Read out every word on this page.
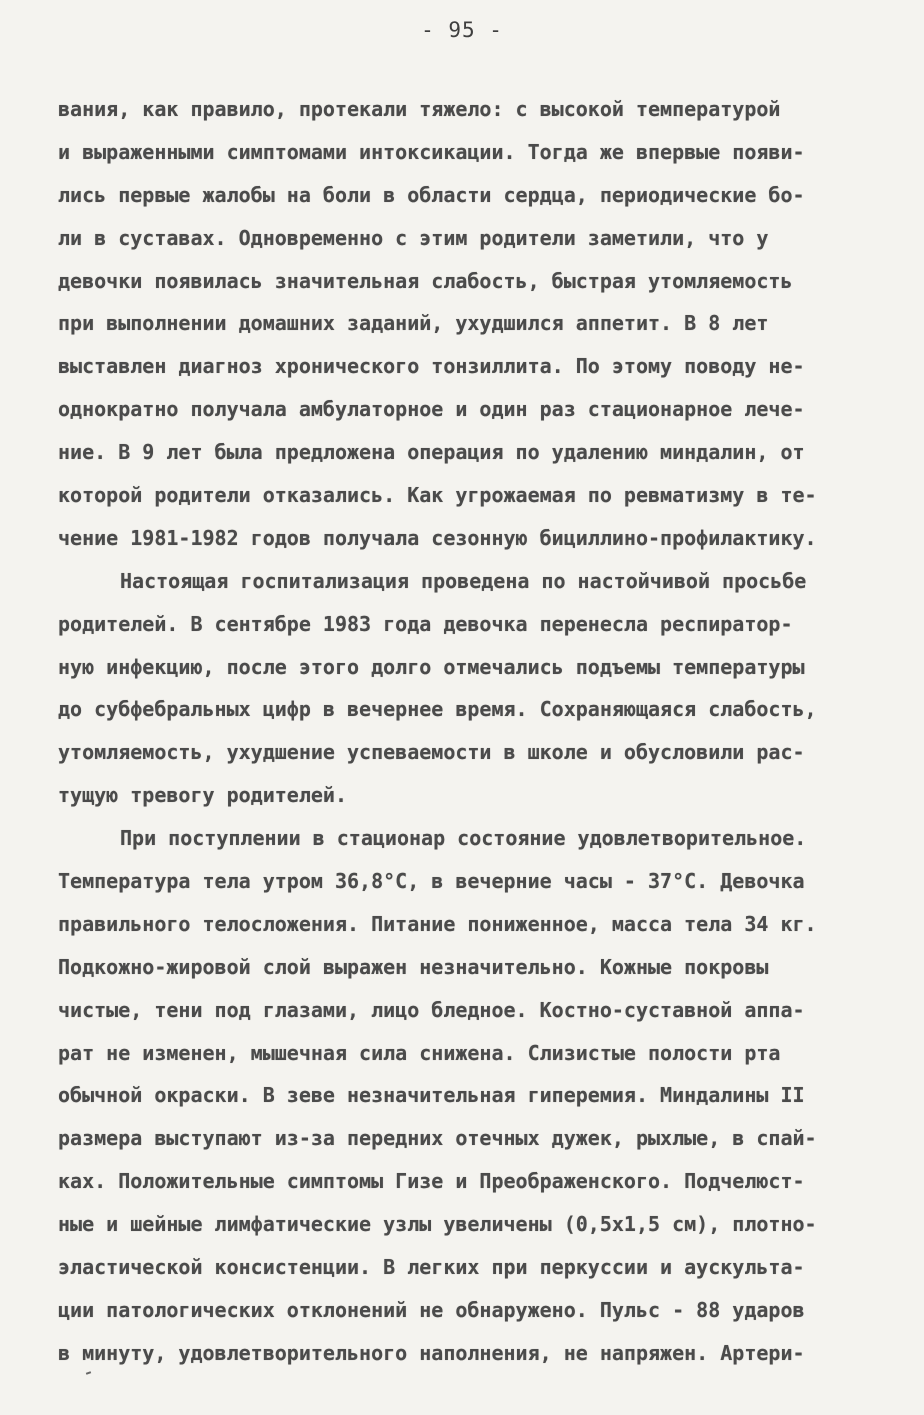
- 95 -
вания, как правило, протекали тяжело: с высокой температурой
и выраженными симптомами интоксикации. Тогда же впервые появи-
лись первые жалобы на боли в области сердца, периодические бо-
ли в суставах. Одновременно с этим родители заметили, что у
девочки появилась значительная слабость, быстрая утомляемость
при выполнении домашних заданий, ухудшился аппетит. В 8 лет
выставлен диагноз хронического тонзиллита. По этому поводу не-
однократно получала амбулаторное и один раз стационарное лече-
ние. В 9 лет была предложена операция по удалению миндалин, от
которой родители отказались. Как угрожаемая по ревматизму в те-
чение 1981-1982 годов получала сезонную бициллино-профилактику.
Настоящая госпитализация проведена по настойчивой просьбе
родителей. В сентябре 1983 года девочка перенесла респиратор-
ную инфекцию, после этого долго отмечались подъемы температуры
до субфебральных цифр в вечернее время. Сохраняющаяся слабость,
утомляемость, ухудшение успеваемости в школе и обусловили рас-
тущую тревогу родителей.
При поступлении в стационар состояние удовлетворительное.
Температура тела утром 36,8°С, в вечерние часы - 37°С. Девочка
правильного телосложения. Питание пониженное, масса тела 34 кг.
Подкожно-жировой слой выражен незначительно. Кожные покровы
чистые, тени под глазами, лицо бледное. Костно-суставной аппа-
рат не изменен, мышечная сила снижена. Слизистые полости рта
обычной окраски. В зеве незначительная гиперемия. Миндалины II
размера выступают из-за передних отечных дужек, рыхлые, в спай-
ках. Положительные симптомы Гизе и Преображенского. Подчелюст-
ные и шейные лимфатические узлы увеличены (0,5х1,5 см), плотно-
эластической консистенции. В легких при перкуссии и аускульта-
ции патологических отклонений не обнаружено. Пульс - 88 ударов
в минуту, удовлетворительного наполнения, не напряжен. Артери-
